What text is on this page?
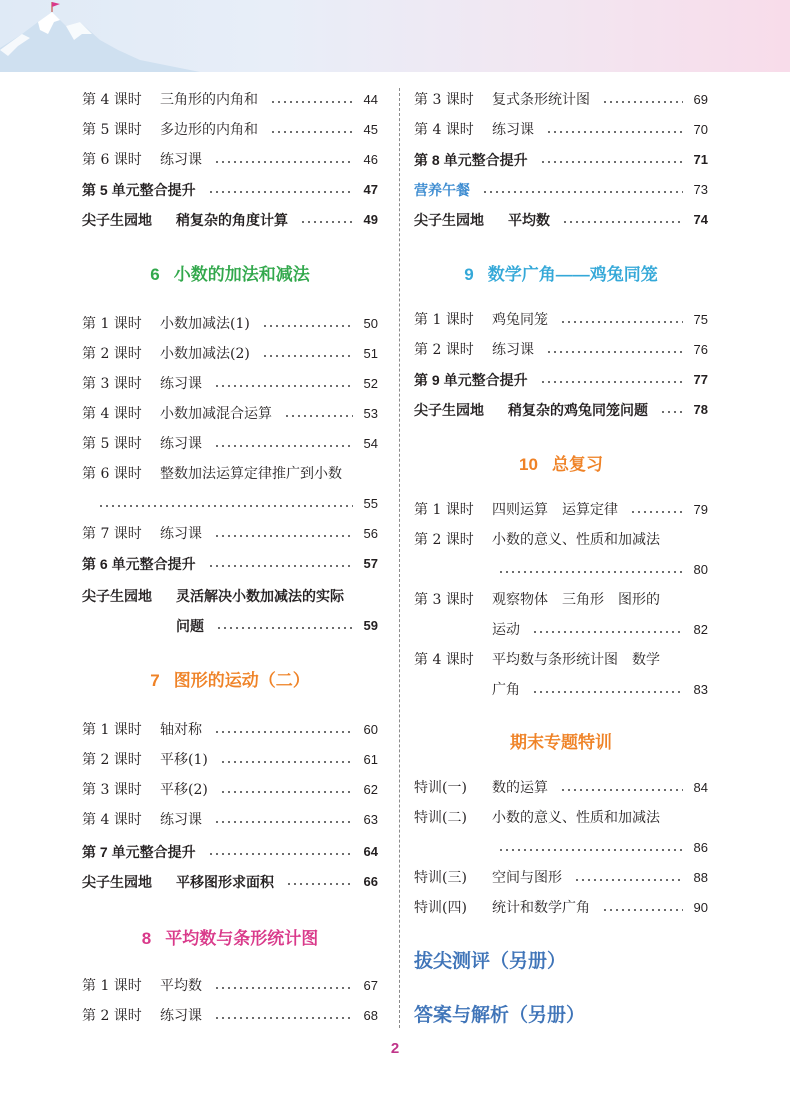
第 4 课时	三角形的内角和	44
第 5 课时	多边形的内角和	45
第 6 课时	练习课	46
第 5 单元整合提升	47
尖子生园地	稍复杂的角度计算	49
6 小数的加法和减法
第 1 课时	小数加减法(1)	50
第 2 课时	小数加减法(2)	51
第 3 课时	练习课	52
第 4 课时	小数加减混合运算	53
第 5 课时	练习课	54
第 6 课时	整数加法运算定律推广到小数
55
第 7 课时	练习课	56
第 6 单元整合提升	57
尖子生园地	灵活解决小数加减法的实际
问题	59
7 图形的运动（二）
第 1 课时	轴对称	60
第 2 课时	平移(1)	61
第 3 课时	平移(2)	62
第 4 课时	练习课	63
第 7 单元整合提升	64
尖子生园地	平移图形求面积	66
8 平均数与条形统计图
第 1 课时	平均数	67
第 2 课时	练习课	68
第 3 课时	复式条形统计图	69
第 4 课时	练习课	70
第 8 单元整合提升	71
营养午餐	73
尖子生园地	平均数	74
9 数学广角——鸡兔同笼
第 1 课时	鸡兔同笼	75
第 2 课时	练习课	76
第 9 单元整合提升	77
尖子生园地	稍复杂的鸡兔同笼问题	78
10 总复习
第 1 课时	四则运算　运算定律	79
第 2 课时	小数的意义、性质和加减法
80
第 3 课时	观察物体　三角形　图形的
运动	82
第 4 课时	平均数与条形统计图　数学
广角	83
期末专题特训
特训(一)	数的运算	84
特训(二)	小数的意义、性质和加减法
86
特训(三)	空间与图形	88
特训(四)	统计和数学广角	90
拔尖测评（另册）
答案与解析（另册）
2
